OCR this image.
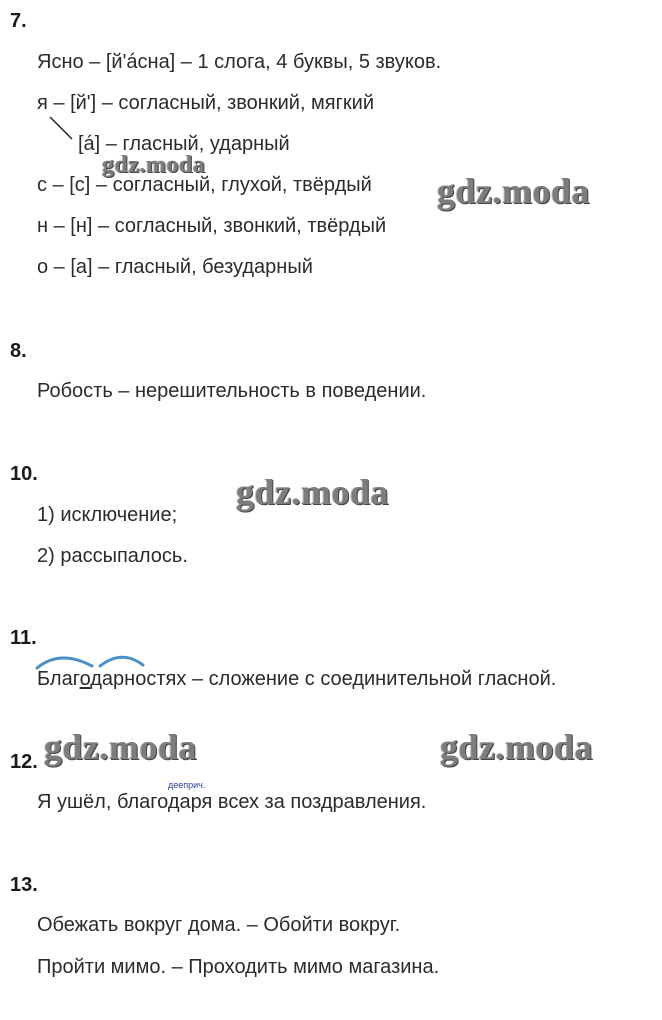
7.
Ясно – [й'áсна] – 1 слога, 4 буквы, 5 звуков.
я – [й'] – согласный, звонкий, мягкий
[á] – гласный, ударный
с – [с] – согласный, глухой, твёрдый
н – [н] – согласный, звонкий, твёрдый
о – [а] – гласный, безударный
8.
Робость – нерешительность в поведении.
10.
1) исключение;
2) рассыпалось.
11.
Благодарностях – сложение с соединительной гласной.
12.
дееприч.
Я ушёл, благодаря всех за поздравления.
13.
Обежать вокруг дома. – Обойти вокруг.
Пройти мимо. – Проходить мимо магазина.
gdz.moda
gdz.moda
gdz.moda
gdz.moda	gdz.moda
